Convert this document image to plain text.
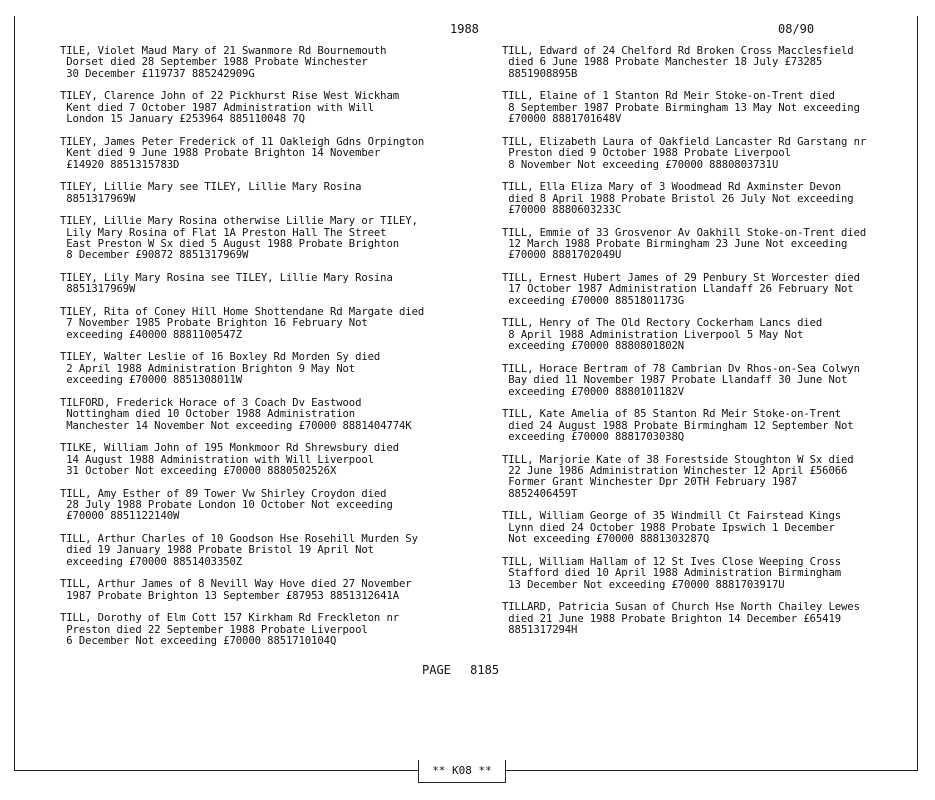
1988	08/90
TILE, Violet Maud Mary of 21 Swanmore Rd Bournemouth
Dorset died 28 September 1988 Probate Winchester
30 December £119737 885242909G
TILEY, Clarence John of 22 Pickhurst Rise West Wickham
Kent died 7 October 1987 Administration with Will
London 15 January £253964 885110048 7Q
TILEY, James Peter Frederick of 11 Oakleigh Gdns Orpington
Kent died 9 June 1988 Probate Brighton 14 November
£14920 8851315783D
TILEY, Lillie Mary see TILEY, Lillie Mary Rosina
8851317969W
TILEY, Lillie Mary Rosina otherwise Lillie Mary or TILEY,
Lily Mary Rosina of Flat 1A Preston Hall The Street
East Preston W Sx died 5 August 1988 Probate Brighton
8 December £90872 8851317969W
TILEY, Lily Mary Rosina see TILEY, Lillie Mary Rosina
8851317969W
TILEY, Rita of Coney Hill Home Shottendane Rd Margate died
7 November 1985 Probate Brighton 16 February Not
exceeding £40000 8881100547Z
TILEY, Walter Leslie of 16 Boxley Rd Morden Sy died
2 April 1988 Administration Brighton 9 May Not
exceeding £70000 8851308011W
TILFORD, Frederick Horace of 3 Coach Dv Eastwood
Nottingham died 10 October 1988 Administration
Manchester 14 November Not exceeding £70000 8881404774K
TILKE, William John of 195 Monkmoor Rd Shrewsbury died
14 August 1988 Administration with Will Liverpool
31 October Not exceeding £70000 8880502526X
TILL, Amy Esther of 89 Tower Vw Shirley Croydon died
28 July 1988 Probate London 10 October Not exceeding
£70000 8851122140W
TILL, Arthur Charles of 10 Goodson Hse Rosehill Murden Sy
died 19 January 1988 Probate Bristol 19 April Not
exceeding £70000 8851403350Z
TILL, Arthur James of 8 Nevill Way Hove died 27 November
1987 Probate Brighton 13 September £87953 8851312641A
TILL, Dorothy of Elm Cott 157 Kirkham Rd Freckleton nr
Preston died 22 September 1988 Probate Liverpool
6 December Not exceeding £70000 8851710104Q
TILL, Edward of 24 Chelford Rd Broken Cross Macclesfield
died 6 June 1988 Probate Manchester 18 July £73285
8851908895B
TILL, Elaine of 1 Stanton Rd Meir Stoke-on-Trent died
8 September 1987 Probate Birmingham 13 May Not exceeding
£70000 8881701648V
TILL, Elizabeth Laura of Oakfield Lancaster Rd Garstang nr
Preston died 9 October 1988 Probate Liverpool
8 November Not exceeding £70000 8880803731U
TILL, Ella Eliza Mary of 3 Woodmead Rd Axminster Devon
died 8 April 1988 Probate Bristol 26 July Not exceeding
£70000 8880603233C
TILL, Emmie of 33 Grosvenor Av Oakhill Stoke-on-Trent died
12 March 1988 Probate Birmingham 23 June Not exceeding
£70000 8881702049U
TILL, Ernest Hubert James of 29 Penbury St Worcester died
17 October 1987 Administration Llandaff 26 February Not
exceeding £70000 8851801173G
TILL, Henry of The Old Rectory Cockerham Lancs died
8 April 1988 Administration Liverpool 5 May Not
exceeding £70000 8880801802N
TILL, Horace Bertram of 78 Cambrian Dv Rhos-on-Sea Colwyn
Bay died 11 November 1987 Probate Llandaff 30 June Not
exceeding £70000 8880101182V
TILL, Kate Amelia of 85 Stanton Rd Meir Stoke-on-Trent
died 24 August 1988 Probate Birmingham 12 September Not
exceeding £70000 8881703038Q
TILL, Marjorie Kate of 38 Forestside Stoughton W Sx died
22 June 1986 Administration Winchester 12 April £56066
Former Grant Winchester Dpr 20TH February 1987
8852406459T
TILL, William George of 35 Windmill Ct Fairstead Kings
Lynn died 24 October 1988 Probate Ipswich 1 December
Not exceeding £70000 8881303287Q
TILL, William Hallam of 12 St Ives Close Weeping Cross
Stafford died 10 April 1988 Administration Birmingham
13 December Not exceeding £70000 8881703917U
TILLARD, Patricia Susan of Church Hse North Chailey Lewes
died 21 June 1988 Probate Brighton 14 December £65419
8851317294H
PAGE 8185
** K08 **
